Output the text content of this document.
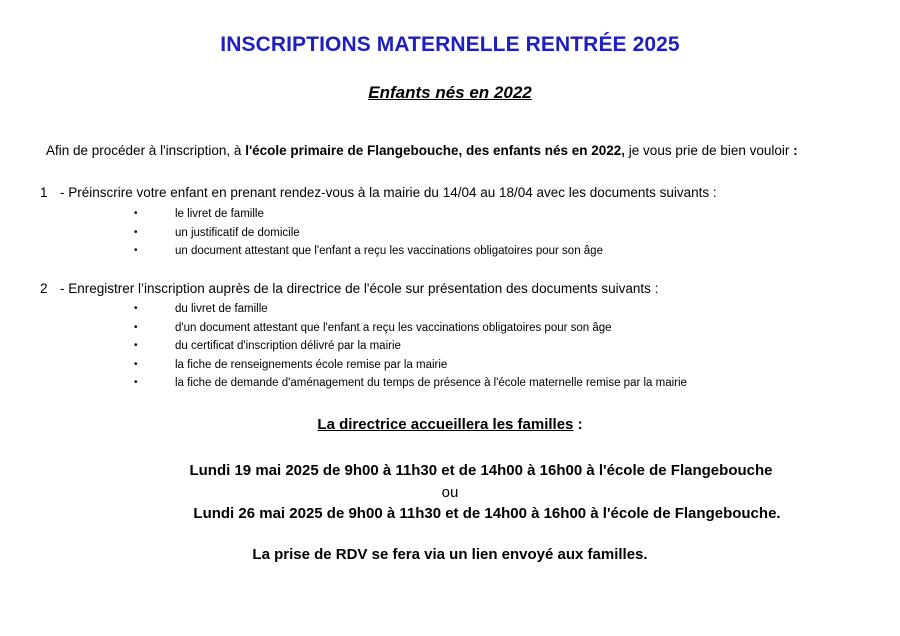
INSCRIPTIONS MATERNELLE RENTRÉE 2025
Enfants nés en 2022
Afin de procéder à l'inscription, à l'école primaire de Flangebouche, des enfants nés en 2022, je vous prie de bien vouloir :
1 - Préinscrire votre enfant en prenant rendez-vous à la mairie du 14/04 au 18/04 avec les documents suivants :
•	le livret de famille
•	un justificatif de domicile
•	un document attestant que l'enfant a reçu les vaccinations obligatoires pour son âge
2 - Enregistrer l’inscription auprès de la directrice de l'école sur présentation des documents suivants :
•	du livret de famille
•	d'un document attestant que l'enfant a reçu les vaccinations obligatoires pour son âge
•	du certificat d'inscription délivré par la mairie
•	la fiche de renseignements école remise par la mairie
•	la fiche de demande d'aménagement du temps de présence à l'école maternelle remise par la mairie
La directrice accueillera les familles :
Lundi 19 mai 2025 de 9h00 à 11h30 et de 14h00 à 16h00 à l'école de Flangebouche
ou
Lundi 26 mai 2025 de 9h00 à 11h30 et de 14h00 à 16h00 à l'école de Flangebouche.
La prise de RDV se fera via un lien envoyé aux familles.
